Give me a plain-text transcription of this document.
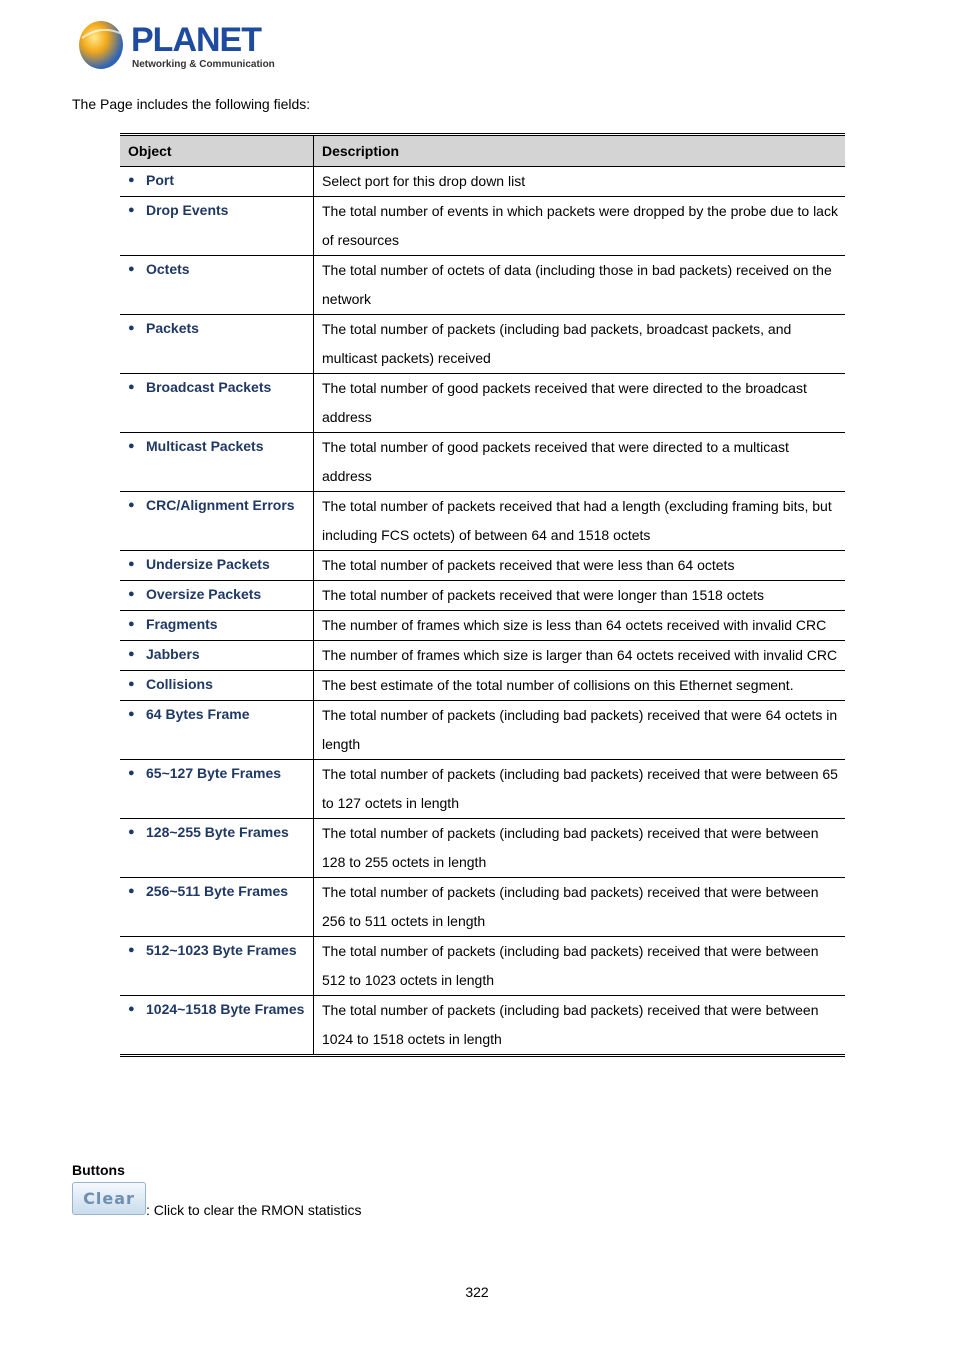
PLANET
Networking & Communication
The Page includes the following fields:
Object	Description

● Port	Select port for this drop down list

● Drop Events	The total number of events in which packets were dropped by the probe due to lack of resources

● Octets	The total number of octets of data (including those in bad packets) received on the network

● Packets	The total number of packets (including bad packets, broadcast packets, and multicast packets) received

● Broadcast Packets	The total number of good packets received that were directed to the broadcast address

● Multicast Packets	The total number of good packets received that were directed to a multicast address

● CRC/Alignment Errors	The total number of packets received that had a length (excluding framing bits, but including FCS octets) of between 64 and 1518 octets

● Undersize Packets	The total number of packets received that were less than 64 octets

● Oversize Packets	The total number of packets received that were longer than 1518 octets

● Fragments	The number of frames which size is less than 64 octets received with invalid CRC

● Jabbers	The number of frames which size is larger than 64 octets received with invalid CRC

● Collisions	The best estimate of the total number of collisions on this Ethernet segment.

● 64 Bytes Frame	The total number of packets (including bad packets) received that were 64 octets in length

● 65~127 Byte Frames	The total number of packets (including bad packets) received that were between 65 to 127 octets in length

● 128~255 Byte Frames	The total number of packets (including bad packets) received that were between 128 to 255 octets in length

● 256~511 Byte Frames	The total number of packets (including bad packets) received that were between 256 to 511 octets in length

● 512~1023 Byte Frames	The total number of packets (including bad packets) received that were between 512 to 1023 octets in length

● 1024~1518 Byte Frames	The total number of packets (including bad packets) received that were between 1024 to 1518 octets in length
Buttons
Clear
: Click to clear the RMON statistics
322
